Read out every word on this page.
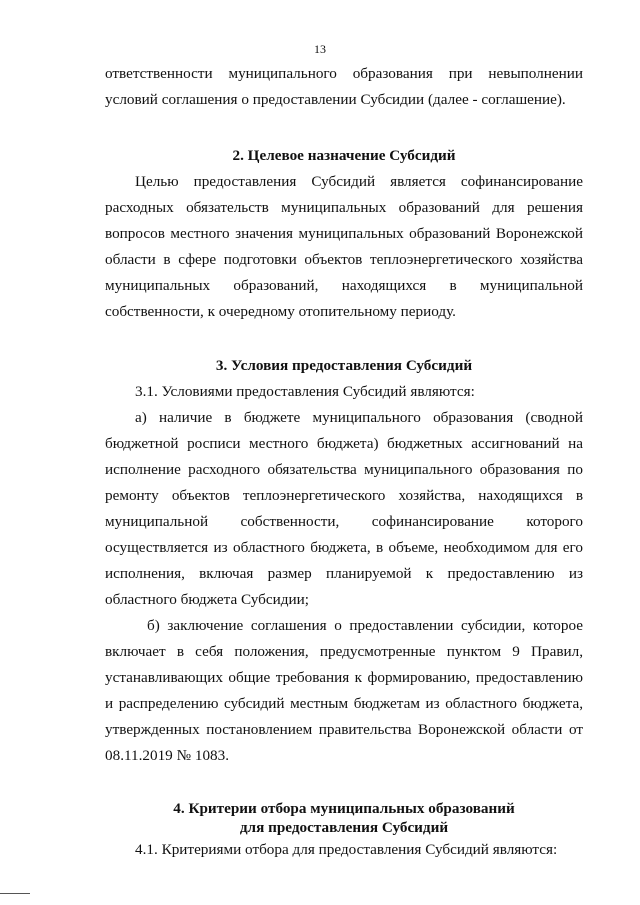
13

ответственности муниципального образования при невыполнении условий соглашения о предоставлении Субсидии (далее - соглашение).

2. Целевое назначение Субсидий

Целью предоставления Субсидий является софинансирование расходных обязательств муниципальных образований для решения вопросов местного значения муниципальных образований Воронежской области в сфере подготовки объектов теплоэнергетического хозяйства муниципальных образований, находящихся в муниципальной собственности, к очередному отопительному периоду.

3. Условия предоставления Субсидий

3.1. Условиями предоставления Субсидий являются:

а) наличие в бюджете муниципального образования (сводной бюджетной росписи местного бюджета) бюджетных ассигнований на исполнение расходного обязательства муниципального образования по ремонту объектов теплоэнергетического хозяйства, находящихся в муниципальной собственности, софинансирование которого осуществляется из областного бюджета, в объеме, необходимом для его исполнения, включая размер планируемой к предоставлению из областного бюджета Субсидии;

б) заключение соглашения о предоставлении субсидии, которое включает в себя положения, предусмотренные пунктом 9 Правил, устанавливающих общие требования к формированию, предоставлению и распределению субсидий местным бюджетам из областного бюджета, утвержденных постановлением правительства Воронежской области от 08.11.2019 № 1083.

4. Критерии отбора муниципальных образований
для предоставления Субсидий

4.1. Критериями отбора для предоставления Субсидий являются:
